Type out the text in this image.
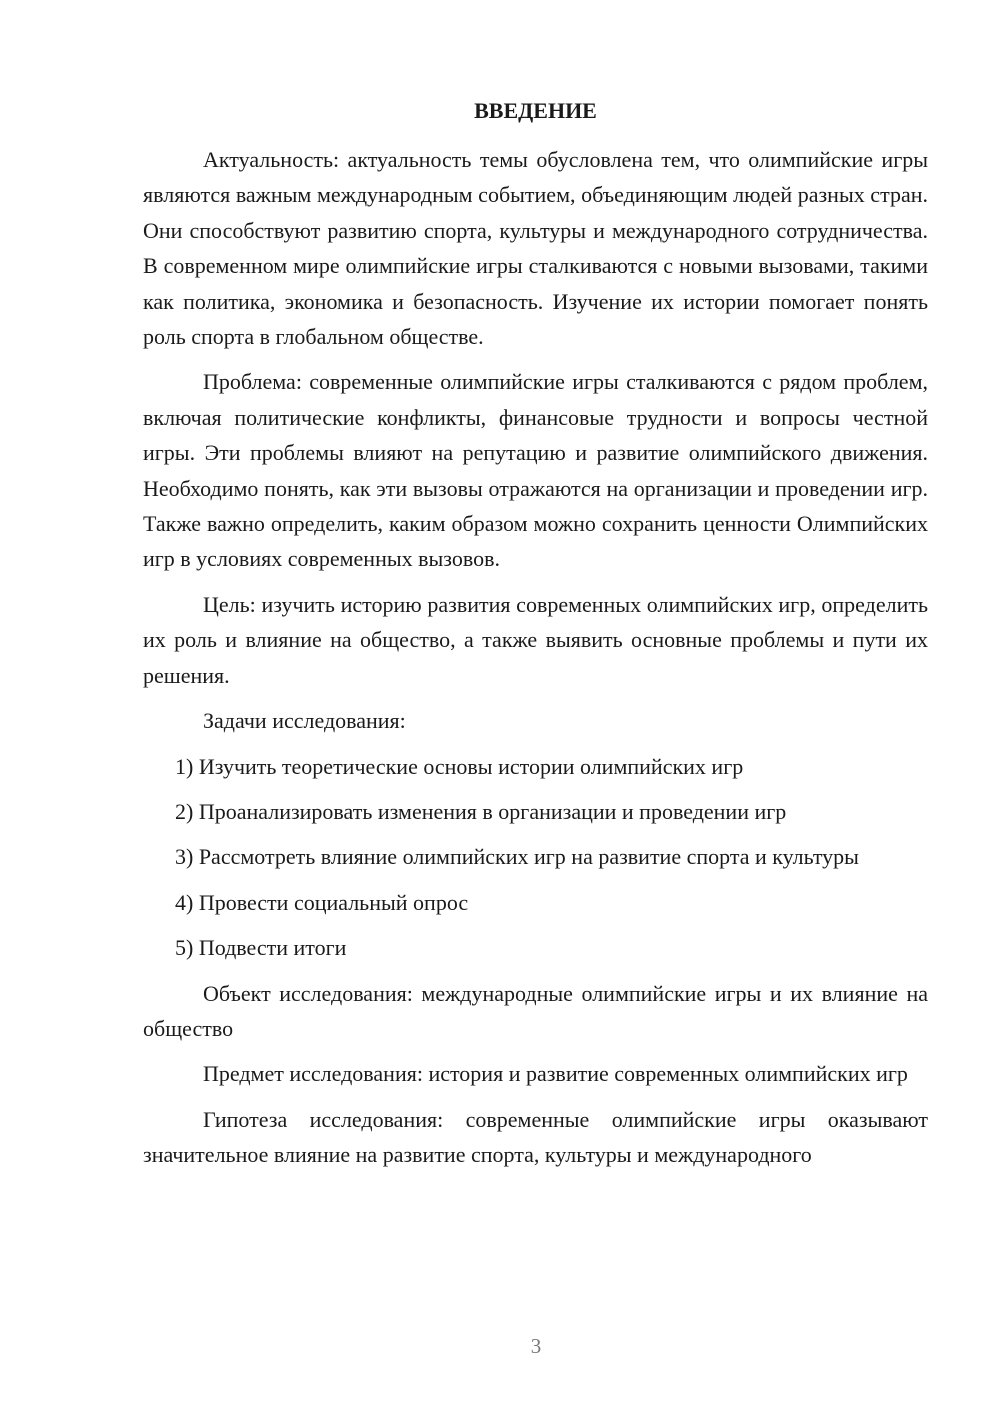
ВВЕДЕНИЕ

Актуальность: актуальность темы обусловлена тем, что олимпийские игры являются важным международным событием, объединяющим людей разных стран. Они способствуют развитию спорта, культуры и международного сотрудничества. В современном мире олимпийские игры сталкиваются с новыми вызовами, такими как политика, экономика и безопасность. Изучение их истории помогает понять роль спорта в глобальном обществе.

Проблема: современные олимпийские игры сталкиваются с рядом проблем, включая политические конфликты, финансовые трудности и вопросы честной игры. Эти проблемы влияют на репутацию и развитие олимпийского движения. Необходимо понять, как эти вызовы отражаются на организации и проведении игр. Также важно определить, каким образом можно сохранить ценности Олимпийских игр в условиях современных вызовов.

Цель: изучить историю развития современных олимпийских игр, определить их роль и влияние на общество, а также выявить основные проблемы и пути их решения.

Задачи исследования:

1) Изучить теоретические основы истории олимпийских игр

2) Проанализировать изменения в организации и проведении игр

3) Рассмотреть влияние олимпийских игр на развитие спорта и культуры

4) Провести социальный опрос

5) Подвести итоги

Объект исследования: международные олимпийские игры и их влияние на общество

Предмет исследования: история и развитие современных олимпийских игр

Гипотеза исследования: современные олимпийские игры оказывают значительное влияние на развитие спорта, культуры и международного

3
